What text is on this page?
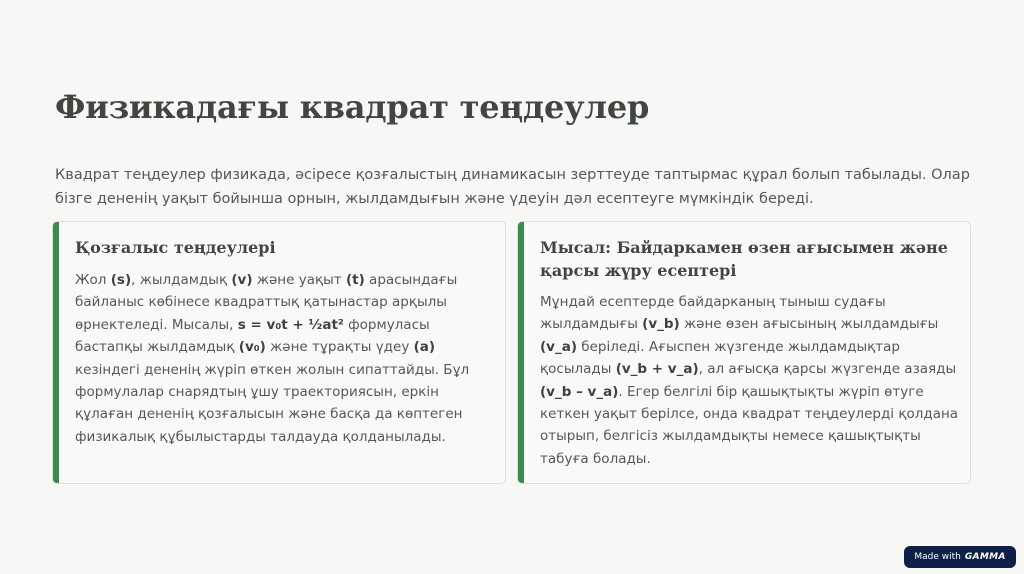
Физикадағы квадрат теңдеулер

Квадрат теңдеулер физикада, әсіресе қозғалыстың динамикасын зерттеуде таптырмас құрал болып табылады. Олар бізге дененің уақыт бойынша орнын, жылдамдығын және үдеуін дәл есептеуге мүмкіндік береді.

Қозғалыс теңдеулері

Жол (s), жылдамдық (v) және уақыт (t) арасындағы байланыс көбінесе квадраттық қатынастар арқылы өрнектеледі. Мысалы, s = v₀t + ½at² формуласы бастапқы жылдамдық (v₀) және тұрақты үдеу (a) кезіндегі дененің жүріп өткен жолын сипаттайды. Бұл формулалар снарядтың ұшу траекториясын, еркін құлаған дененің қозғалысын және басқа да көптеген физикалық құбылыстарды талдауда қолданылады.

Мысал: Байдаркамен өзен ағысымен және қарсы жүру есептері

Мұндай есептерде байдарканың тыныш судағы жылдамдығы (v_b) және өзен ағысының жылдамдығы (v_a) беріледі. Ағыспен жүзгенде жылдамдықтар қосылады (v_b + v_a), ал ағысқа қарсы жүзгенде азаяды (v_b – v_a). Егер белгілі бір қашықтықты жүріп өтуге кеткен уақыт берілсе, онда квадрат теңдеулерді қолдана отырып, белгісіз жылдамдықты немесе қашықтықты табуға болады.

Made with GAMMA
